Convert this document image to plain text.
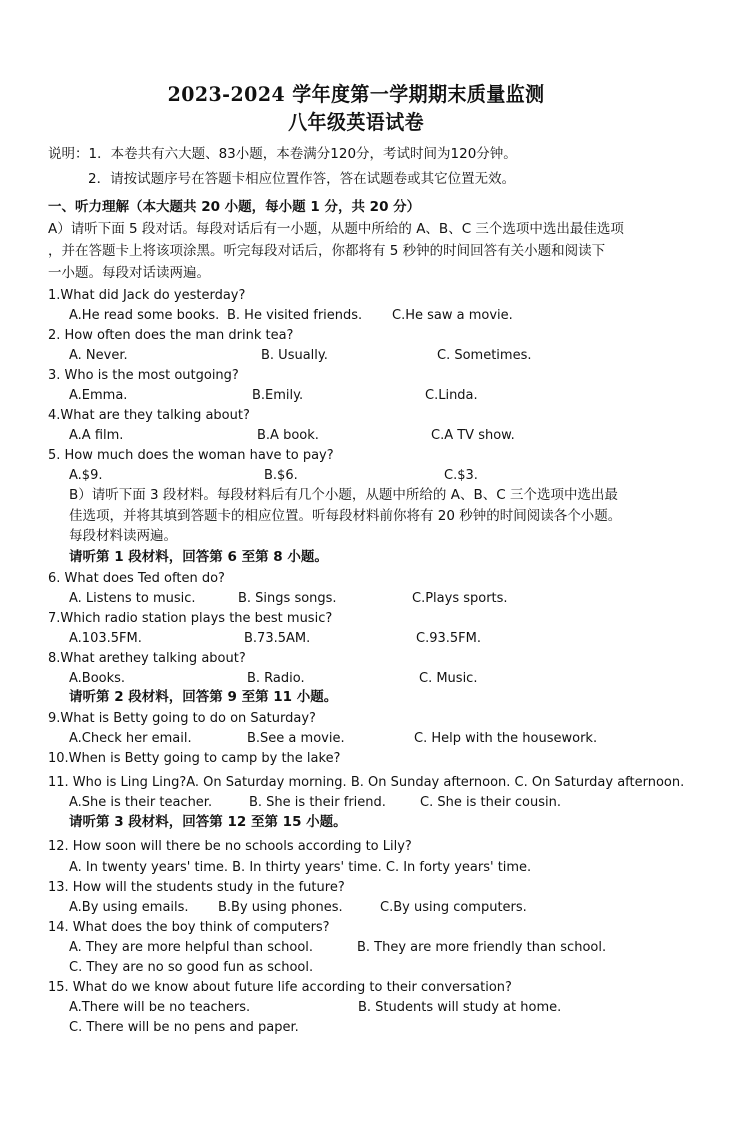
2023-2024 学年度第一学期期末质量监测
八年级英语试卷
说明：1．本卷共有六大题、83小题，本卷满分120分，考试时间为120分钟。
2．请按试题序号在答题卡相应位置作答，答在试题卷或其它位置无效。
一、听力理解（本大题共 20 小题，每小题 1 分，共 20 分）
A）请听下面 5 段对话。每段对话后有一小题，从题中所给的 A、B、C 三个选项中选出最佳选项
，并在答题卡上将该项涂黑。听完每段对话后，你都将有 5 秒钟的时间回答有关小题和阅读下
一小题。每段对话读两遍。
1.What did Jack do yesterday?
A.He read some books. B. He visited friends. C.He saw a movie.
2. How often does the man drink tea?
A. Never.	B. Usually.	C. Sometimes.
3. Who is the most outgoing?
A.Emma.	B.Emily.	C.Linda.
4.What are they talking about?
A.A film.	B.A book.	C.A TV show.
5. How much does the woman have to pay?
A.$9.	B.$6.	C.$3.
B）请听下面 3 段材料。每段材料后有几个小题，从题中所给的 A、B、C 三个选项中选出最
佳选项，并将其填到答题卡的相应位置。听每段材料前你将有 20 秒钟的时间阅读各个小题。
每段材料读两遍。
请听第 1 段材料，回答第 6 至第 8 小题。
6. What does Ted often do?
A. Listens to music.	B. Sings songs.	C.Plays sports.
7.Which radio station plays the best music?
A.103.5FM.	B.73.5AM.	C.93.5FM.
8.What arethey talking about?
A.Books.	B. Radio.	C. Music.
请听第 2 段材料，回答第 9 至第 11 小题。
9.What is Betty going to do on Saturday?
A.Check her email.	B.See a movie.	C. Help with the housework.
10.When is Betty going to camp by the lake?
11. Who is Ling Ling?A. On Saturday morning. B. On Sunday afternoon. C. On Saturday afternoon.
A.She is their teacher.	B. She is their friend.	C. She is their cousin.
请听第 3 段材料，回答第 12 至第 15 小题。
12. How soon will there be no schools according to Lily?
A. In twenty years' time. B. In thirty years' time. C. In forty years' time.
13. How will the students study in the future?
A.By using emails. B.By using phones.	C.By using computers.
14. What does the boy think of computers?
A. They are more helpful than school.	B. They are more friendly than school.
C. They are no so good fun as school.
15. What do we know about future life according to their conversation?
A.There will be no teachers.	B. Students will study at home.
C. There will be no pens and paper.
